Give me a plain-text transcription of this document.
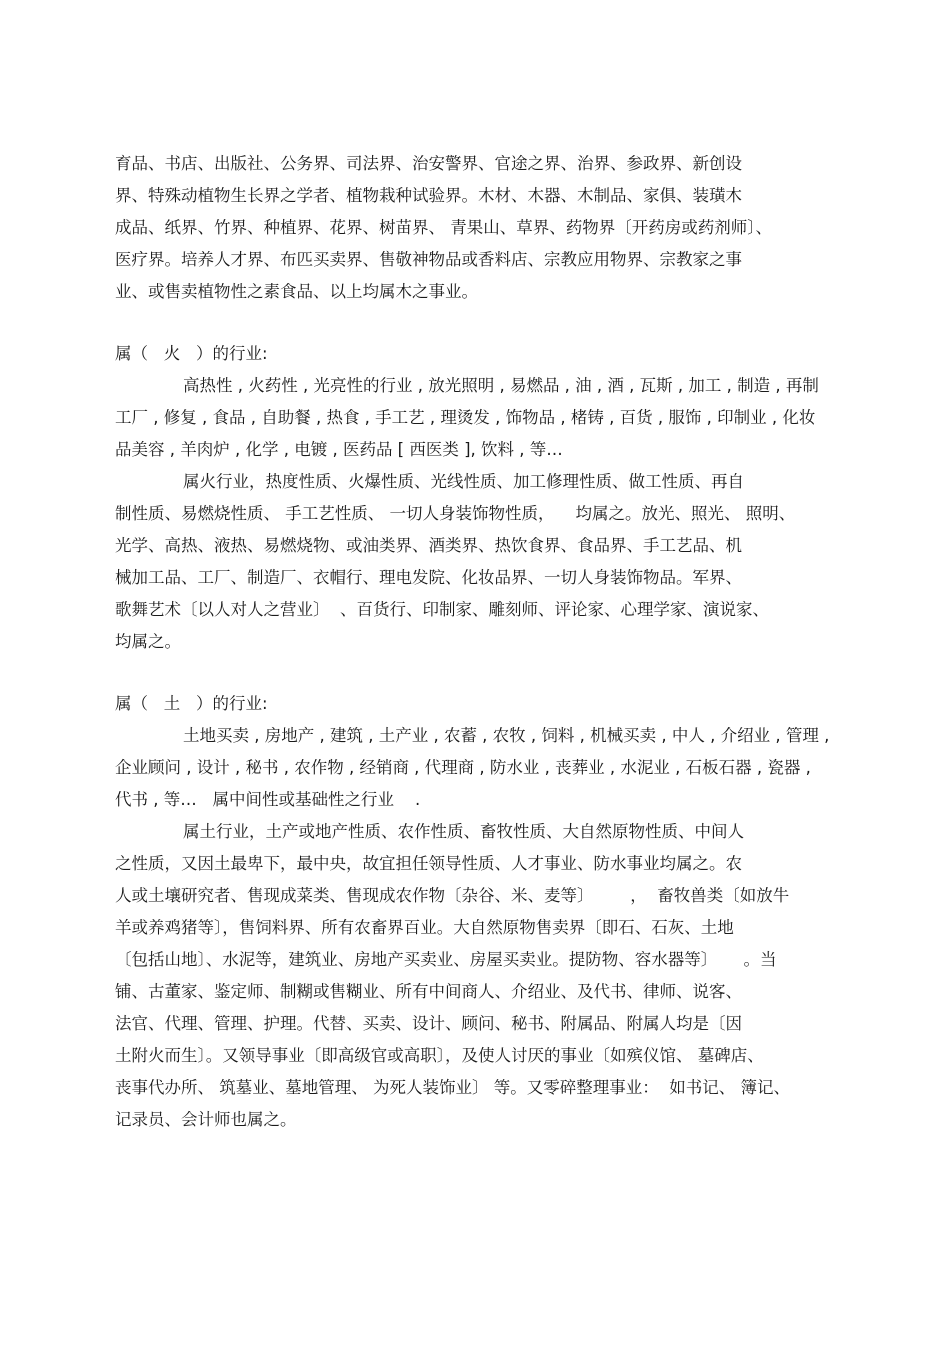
育品、书店、出版社、公务界、司法界、治安警界、官途之界、治界、参政界、新创设
界、特殊动植物生长界之学者、植物栽种试验界。木材、木器、木制品、家俱、装璜木
成品、纸界、竹界、种植界、花界、树苗界、 青果山、草界、药物界〔开药房或药剂师〕、
医疗界。培养人才界、布匹买卖界、售敬神物品或香料店、宗教应用物界、宗教家之事
业、或售卖植物性之素食品、以上均属木之事业。
属（   火   ）的行业:
高热性 , 火药性 , 光亮性的行业 , 放光照明 , 易燃品 , 油 , 酒 , 瓦斯 , 加工 , 制造 , 再制
工厂 , 修复 , 食品 , 自助餐 , 热食 , 手工艺 , 理烫发 , 饰物品 , 楮铸 , 百货 , 服饰 , 印制业 , 化妆
品美容 , 羊肉炉 , 化学 , 电镀 , 医药品 [ 西医类 ], 饮料 , 等…
属火行业，热度性质、火爆性质、光线性质、加工修理性质、做工性质、再自
制性质、易燃烧性质、 手工艺性质、 一切人身装饰物性质，    均属之。放光、照光、 照明、
光学、高热、液热、易燃烧物、或油类界、酒类界、热饮食界、食品界、手工艺品、机
械加工品、工厂、制造厂、衣帽行、理电发院、化妆品界、一切人身装饰物品。军界、
歌舞艺术〔以人对人之营业〕  、百货行、印制家、雕刻师、评论家、心理学家、演说家、
均属之。
属（   土   ）的行业:
土地买卖 , 房地产 , 建筑 , 土产业 , 农蓄 , 农牧 , 饲料 , 机械买卖 , 中人 , 介绍业 , 管理 ,
企业顾问 , 设计 , 秘书 , 农作物 , 经销商 , 代理商 , 防水业 , 丧葬业 , 水泥业 , 石板石器 , 瓷器 ,
代书 , 等…   属中间性或基础性之行业    .
属土行业，土产或地产性质、农作性质、畜牧性质、大自然原物性质、中间人
之性质，又因土最卑下，最中央，故宜担任领导性质、人才事业、防水事业均属之。农
人或土壤研究者、售现成菜类、售现成农作物〔杂谷、米、麦等〕       ，  畜牧兽类〔如放牛
羊或养鸡猪等〕，售饲料界、所有农畜界百业。大自然原物售卖界〔即石、石灰、土地
〔包括山地〕、水泥等，建筑业、房地产买卖业、房屋买卖业。提防物、容水器等〕     。当
铺、古董家、鉴定师、制糊或售糊业、所有中间商人、介绍业、及代书、律师、说客、
法官、代理、管理、护理。代替、买卖、设计、顾问、秘书、附属品、附属人均是〔因
土附火而生〕。又领导事业〔即高级官或高职〕，及使人讨厌的事业〔如殡仪馆、 墓碑店、
丧事代办所、 筑墓业、墓地管理、 为死人装饰业〕 等。又零碎整理事业：  如书记、 簿记、
记录员、会计师也属之。
